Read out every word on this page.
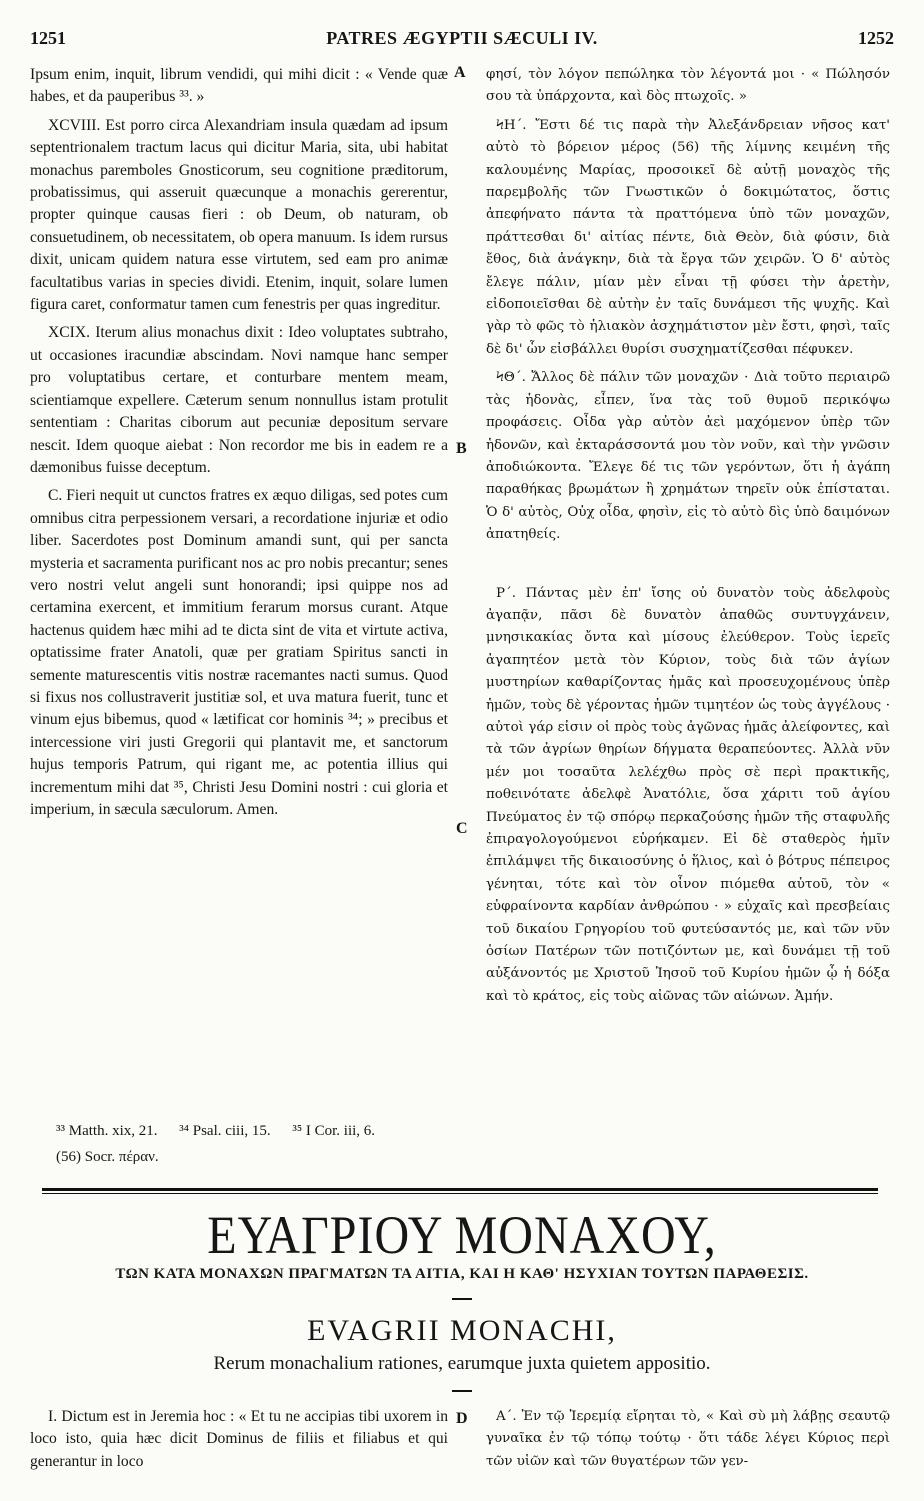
1251	PATRES ÆGYPTII SÆCULI IV.	1252
A
B
C
D

Ipsum enim, inquit, librum vendidi, qui mihi dicit : « Vende quæ habes, et da pauperibus ³³. »

XCVIII. Est porro circa Alexandriam insula quædam ad ipsum septentrionalem tractum lacus qui dicitur Maria, sita, ubi habitat monachus paremboles Gnosticorum, seu cognitione præditorum, probatissimus, qui asseruit quæcunque a monachis gererentur, propter quinque causas fieri : ob Deum, ob naturam, ob consuetudinem, ob necessitatem, ob opera manuum. Is idem rursus dixit, unicam quidem natura esse virtutem, sed eam pro animæ facultatibus varias in species dividi. Etenim, inquit, solare lumen figura caret, conformatur tamen cum fenestris per quas ingreditur.

XCIX. Iterum alius monachus dixit : Ideo voluptates subtraho, ut occasiones iracundiæ abscindam. Novi namque hanc semper pro voluptatibus certare, et conturbare mentem meam, scientiamque expellere. Cæterum senum nonnullus istam protulit sententiam : Charitas ciborum aut pecuniæ depositum servare nescit. Idem quoque aiebat : Non recordor me bis in eadem re a dæmonibus fuisse deceptum.

C. Fieri nequit ut cunctos fratres ex æquo diligas, sed potes cum omnibus citra perpessionem versari, a recordatione injuriæ et odio liber. Sacerdotes post Dominum amandi sunt, qui per sancta mysteria et sacramenta purificant nos ac pro nobis precantur; senes vero nostri velut angeli sunt honorandi; ipsi quippe nos ad certamina exercent, et immitium ferarum morsus curant. Atque hactenus quidem hæc mihi ad te dicta sint de vita et virtute activa, optatissime frater Anatoli, quæ per gratiam Spiritus sancti in semente maturescentis vitis nostræ racemantes nacti sumus. Quod si fixus nos collustraverit justitiæ sol, et uva matura fuerit, tunc et vinum ejus bibemus, quod « lætificat cor hominis ³⁴; » precibus et intercessione viri justi Gregorii qui plantavit me, et sanctorum hujus temporis Patrum, qui rigant me, ac potentia illius qui incrementum mihi dat ³⁵, Christi Jesu Domini nostri : cui gloria et imperium, in sæcula sæculorum. Amen.

φησί, τὸν λόγον πεπώληκα τὸν λέγοντά μοι · « Πώλησόν σου τὰ ὑπάρχοντα, καὶ δὸς πτωχοῖς. »

ϞΗ΄. Ἔστι δέ τις παρὰ τὴν Ἀλεξάνδρειαν νῆσος κατ' αὐτὸ τὸ βόρειον μέρος (56) τῆς λίμνης κειμένη τῆς καλουμένης Μαρίας, προσοικεῖ δὲ αὐτῇ μοναχὸς τῆς παρεμβολῆς τῶν Γνωστικῶν ὁ δοκιμώτατος, ὅστις ἀπεφήνατο πάντα τὰ πραττόμενα ὑπὸ τῶν μοναχῶν, πράττεσθαι δι' αἰτίας πέντε, διὰ Θεὸν, διὰ φύσιν, διὰ ἔθος, διὰ ἀνάγκην, διὰ τὰ ἔργα τῶν χειρῶν. Ὁ δ' αὐτὸς ἔλεγε πάλιν, μίαν μὲν εἶναι τῇ φύσει τὴν ἀρετὴν, εἰδοποιεῖσθαι δὲ αὐτὴν ἐν ταῖς δυνάμεσι τῆς ψυχῆς. Καὶ γὰρ τὸ φῶς τὸ ἡλιακὸν ἀσχημάτιστον μὲν ἔστι, φησὶ, ταῖς δὲ δι' ὧν εἰσβάλλει θυρίσι συσχηματίζεσθαι πέφυκεν.

ϞΘ΄. Ἄλλος δὲ πάλιν τῶν μοναχῶν · Διὰ τοῦτο περιαιρῶ τὰς ἡδονὰς, εἶπεν, ἵνα τὰς τοῦ θυμοῦ περικόψω προφάσεις. Οἶδα γὰρ αὐτὸν ἀεὶ μαχόμενον ὑπὲρ τῶν ἡδονῶν, καὶ ἐκταράσσοντά μου τὸν νοῦν, καὶ τὴν γνῶσιν ἀποδιώκοντα. Ἔλεγε δέ τις τῶν γερόντων, ὅτι ἡ ἀγάπη παραθήκας βρωμάτων ἢ χρημάτων τηρεῖν οὐκ ἐπίσταται. Ὁ δ' αὐτὸς, Οὐχ οἶδα, φησὶν, εἰς τὸ αὐτὸ δὶς ὑπὸ δαιμόνων ἀπατηθείς.

Ρ΄. Πάντας μὲν ἐπ' ἴσης οὐ δυνατὸν τοὺς ἀδελφοὺς ἀγαπᾷν, πᾶσι δὲ δυνατὸν ἀπαθῶς συντυγχάνειν, μνησικακίας ὄντα καὶ μίσους ἐλεύθερον. Τοὺς ἱερεῖς ἀγαπητέον μετὰ τὸν Κύριον, τοὺς διὰ τῶν ἁγίων μυστηρίων καθαρίζοντας ἡμᾶς καὶ προσευχομένους ὑπὲρ ἡμῶν, τοὺς δὲ γέροντας ἡμῶν τιμητέον ὡς τοὺς ἀγγέλους · αὐτοὶ γάρ εἰσιν οἱ πρὸς τοὺς ἀγῶνας ἡμᾶς ἀλείφοντες, καὶ τὰ τῶν ἀγρίων θηρίων δήγματα θεραπεύοντες. Ἀλλὰ νῦν μέν μοι τοσαῦτα λελέχθω πρὸς σὲ περὶ πρακτικῆς, ποθεινότατε ἀδελφὲ Ἀνατόλιε, ὅσα χάριτι τοῦ ἁγίου Πνεύματος ἐν τῷ σπόρῳ περκαζούσης ἡμῶν τῆς σταφυλῆς ἐπιραγολογούμενοι εὑρήκαμεν. Εἰ δὲ σταθερὸς ἡμῖν ἐπιλάμψει τῆς δικαιοσύνης ὁ ἥλιος, καὶ ὁ βότρυς πέπειρος γένηται, τότε καὶ τὸν οἶνον πιόμεθα αὐτοῦ, τὸν « εὐφραίνοντα καρδίαν ἀνθρώπου · » εὐχαῖς καὶ πρεσβείαις τοῦ δικαίου Γρηγορίου τοῦ φυτεύσαντός με, καὶ τῶν νῦν ὁσίων Πατέρων τῶν ποτιζόντων με, καὶ δυνάμει τῇ τοῦ αὐξάνοντός με Χριστοῦ Ἰησοῦ τοῦ Κυρίου ἡμῶν ᾧ ἡ δόξα καὶ τὸ κράτος, εἰς τοὺς αἰῶνας τῶν αἰώνων. Ἀμήν.

³³ Matth. xix, 21. ³⁴ Psal. ciii, 15. ³⁵ I Cor. iii, 6.
(56) Socr. πέραν.
ΕΥΑΓΡΙΟΥ ΜΟΝΑΧΟΥ,
ΤΩΝ ΚΑΤΑ ΜΟΝΑΧΩΝ ΠΡΑΓΜΑΤΩΝ ΤΑ ΑΙΤΙΑ, ΚΑΙ Η ΚΑΘ' ΗΣΥΧΙΑΝ ΤΟΥΤΩΝ ΠΑΡΑΘΕΣΙΣ.
EVAGRII MONACHI,
Rerum monachalium rationes, earumque juxta quietem appositio.

I. Dictum est in Jeremia hoc : « Et tu ne accipias tibi uxorem in loco isto, quia hæc dicit Dominus de filiis et filiabus et qui generantur in loco

Α΄. Ἐν τῷ Ἱερεμίᾳ εἴρηται τὸ, « Καὶ σὺ μὴ λάβῃς σεαυτῷ γυναῖκα ἐν τῷ τόπῳ τούτῳ · ὅτι τάδε λέγει Κύριος περὶ τῶν υἱῶν καὶ τῶν θυγατέρων τῶν γεν-
